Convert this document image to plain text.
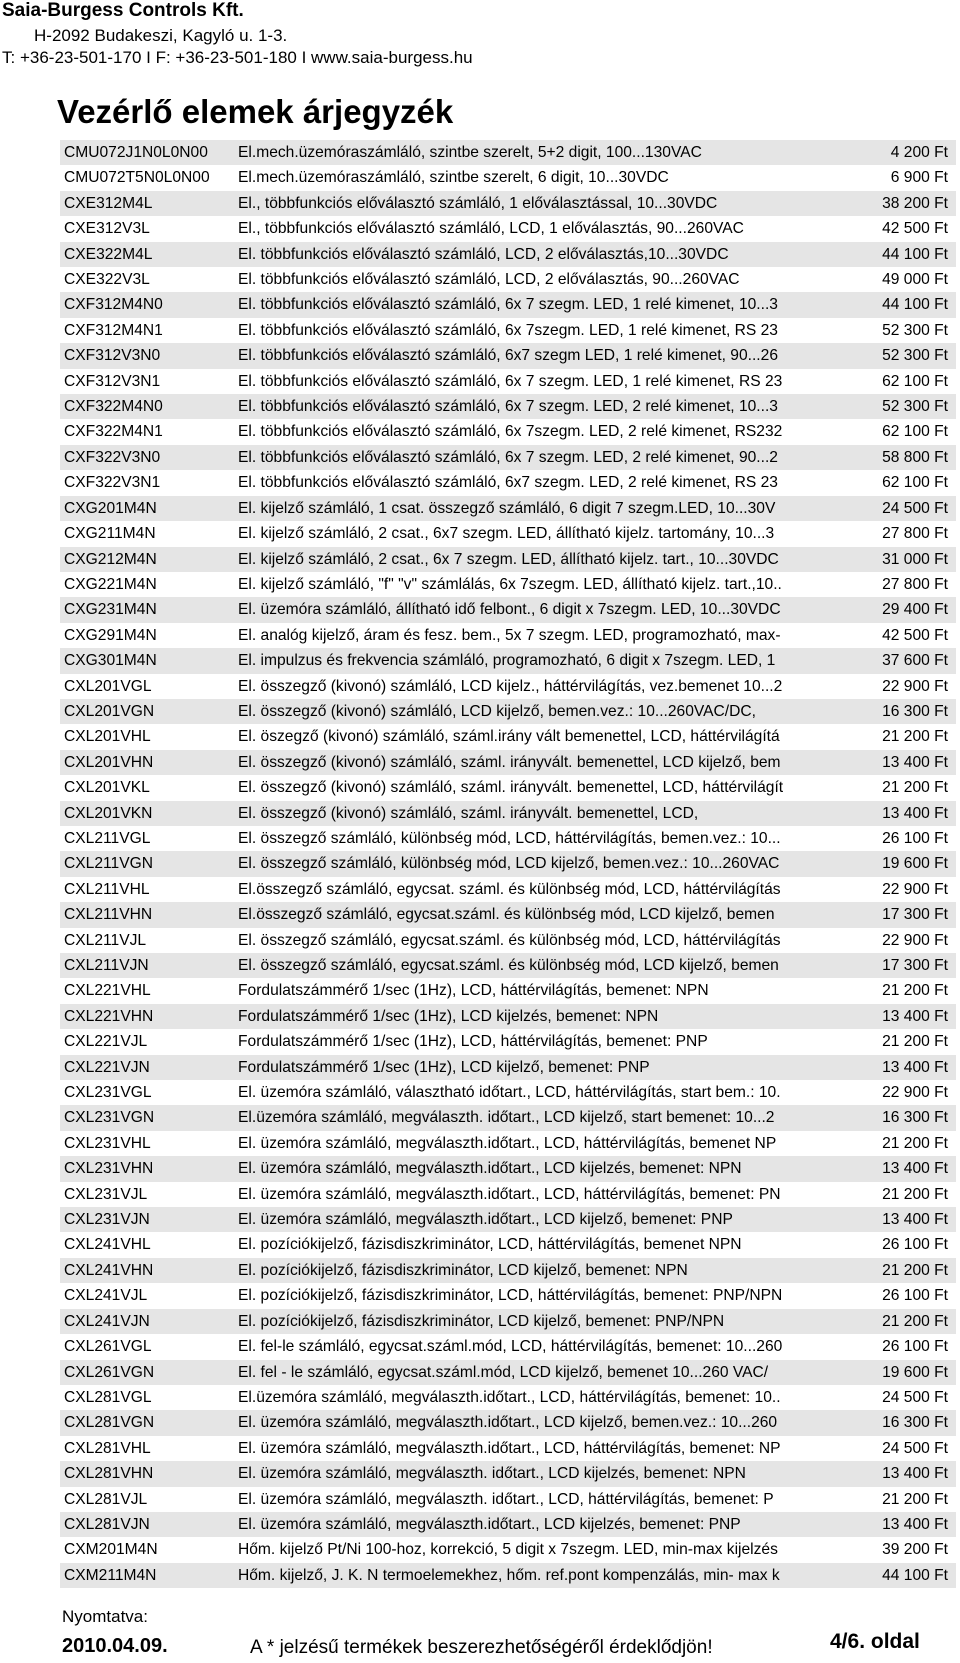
Saia-Burgess Controls Kft.
H-2092 Budakeszi, Kagyló u. 1-3.
T: +36-23-501-170 I F: +36-23-501-180 I www.saia-burgess.hu
Vezérlő elemek árjegyzék
CMU072J1N0L0N00	El.mech.üzemóraszámláló, szintbe szerelt, 5+2 digit, 100...130VAC	4 200 Ft
CMU072T5N0L0N00	El.mech.üzemóraszámláló, szintbe szerelt, 6 digit, 10...30VDC	6 900 Ft
CXE312M4L	El., többfunkciós előválasztó számláló, 1 előválasztással, 10...30VDC	38 200 Ft
CXE312V3L	El., többfunkciós előválasztó számláló, LCD, 1 előválasztás, 90...260VAC	42 500 Ft
CXE322M4L	El. többfunkciós előválasztó számláló, LCD, 2 előválasztás,10...30VDC	44 100 Ft
CXE322V3L	El. többfunkciós előválasztó számláló, LCD, 2 előválasztás, 90...260VAC	49 000 Ft
CXF312M4N0	El. többfunkciós előválasztó számláló, 6x 7 szegm. LED, 1 relé kimenet, 10...3	44 100 Ft
CXF312M4N1	El. többfunkciós előválasztó számláló, 6x 7szegm. LED, 1 relé kimenet, RS 23	52 300 Ft
CXF312V3N0	El. többfunkciós előválasztó számláló, 6x7 szegm LED, 1 relé kimenet, 90...26	52 300 Ft
CXF312V3N1	El. többfunkciós előválasztó számláló, 6x 7 szegm. LED, 1 relé kimenet, RS 23	62 100 Ft
CXF322M4N0	El. többfunkciós előválasztó számláló, 6x 7 szegm. LED, 2 relé kimenet, 10...3	52 300 Ft
CXF322M4N1	El. többfunkciós előválasztó számláló, 6x 7szegm. LED, 2 relé kimenet, RS232	62 100 Ft
CXF322V3N0	El. többfunkciós előválasztó számláló, 6x 7 szegm. LED, 2 relé kimenet, 90...2	58 800 Ft
CXF322V3N1	El. többfunkciós előválasztó számláló, 6x7 szegm. LED, 2 relé kimenet, RS 23	62 100 Ft
CXG201M4N	El. kijelző számláló, 1 csat. összegző számláló, 6 digit 7 szegm.LED, 10...30V	24 500 Ft
CXG211M4N	El. kijelző számláló, 2 csat., 6x7 szegm. LED, állítható kijelz. tartomány, 10...3	27 800 Ft
CXG212M4N	El. kijelző számláló, 2 csat., 6x 7 szegm. LED, állítható kijelz. tart., 10...30VDC	31 000 Ft
CXG221M4N	El. kijelző számláló, "f" "v" számlálás, 6x 7szegm. LED, állítható kijelz. tart.,10..	27 800 Ft
CXG231M4N	El. üzemóra számláló, állítható idő felbont., 6 digit x 7szegm. LED, 10...30VDC	29 400 Ft
CXG291M4N	El. analóg kijelző, áram és fesz. bem., 5x 7 szegm. LED, programozható, max-	42 500 Ft
CXG301M4N	El. impulzus és frekvencia számláló, programozható, 6 digit x 7szegm. LED, 1	37 600 Ft
CXL201VGL	El. összegző (kivonó) számláló, LCD kijelz., háttérvilágítás, vez.bemenet 10...2	22 900 Ft
CXL201VGN	El. összegző (kivonó) számláló, LCD kijelző, bemen.vez.: 10...260VAC/DC,	16 300 Ft
CXL201VHL	El. öszegző (kivonó) számláló, száml.irány vált bemenettel, LCD, háttérvilágítá	21 200 Ft
CXL201VHN	El. összegző (kivonó) számláló, száml. irányvált. bemenettel, LCD kijelző, bem	13 400 Ft
CXL201VKL	El. összegző (kivonó) számláló, száml. irányvált. bemenettel, LCD, háttérvilágít	21 200 Ft
CXL201VKN	El. összegző (kivonó) számláló, száml. irányvált. bemenettel, LCD,	13 400 Ft
CXL211VGL	El. összegző számláló, különbség mód, LCD, háttérvilágítás, bemen.vez.: 10...	26 100 Ft
CXL211VGN	El. összegző számláló, különbség mód, LCD kijelző, bemen.vez.: 10...260VAC	19 600 Ft
CXL211VHL	El.összegző számláló, egycsat. száml. és különbség mód, LCD, háttérvilágítás	22 900 Ft
CXL211VHN	El.összegző számláló, egycsat.száml. és különbség mód, LCD kijelző, bemen	17 300 Ft
CXL211VJL	El. összegző számláló, egycsat.száml. és különbség mód, LCD, háttérvilágítás	22 900 Ft
CXL211VJN	El. összegző számláló, egycsat.száml. és különbség mód, LCD kijelző, bemen	17 300 Ft
CXL221VHL	Fordulatszámmérő 1/sec (1Hz), LCD, háttérvilágítás, bemenet: NPN	21 200 Ft
CXL221VHN	Fordulatszámmérő 1/sec (1Hz), LCD kijelzés, bemenet: NPN	13 400 Ft
CXL221VJL	Fordulatszámmérő 1/sec (1Hz), LCD, háttérvilágítás, bemenet: PNP	21 200 Ft
CXL221VJN	Fordulatszámmérő 1/sec (1Hz), LCD kijelző, bemenet: PNP	13 400 Ft
CXL231VGL	El. üzemóra számláló, választható időtart., LCD, háttérvilágítás, start bem.: 10.	22 900 Ft
CXL231VGN	El.üzemóra számláló, megválaszth. időtart., LCD kijelző, start bemenet: 10...2	16 300 Ft
CXL231VHL	El. üzemóra számláló, megválaszth.időtart., LCD, háttérvilágítás, bemenet NP	21 200 Ft
CXL231VHN	El. üzemóra számláló, megválaszth.időtart., LCD kijelzés, bemenet: NPN	13 400 Ft
CXL231VJL	El. üzemóra számláló, megválaszth.időtart., LCD, háttérvilágítás, bemenet: PN	21 200 Ft
CXL231VJN	El. üzemóra számláló, megválaszth.időtart., LCD kijelző, bemenet: PNP	13 400 Ft
CXL241VHL	El. pozíciókijelző, fázisdiszkriminátor, LCD, háttérvilágítás, bemenet NPN	26 100 Ft
CXL241VHN	El. pozíciókijelző, fázisdiszkriminátor, LCD kijelző, bemenet: NPN	21 200 Ft
CXL241VJL	El. pozíciókijelző, fázisdiszkriminátor, LCD, háttérvilágítás, bemenet: PNP/NPN	26 100 Ft
CXL241VJN	El. pozíciókijelző, fázisdiszkriminátor, LCD kijelző, bemenet: PNP/NPN	21 200 Ft
CXL261VGL	El. fel-le számláló, egycsat.száml.mód, LCD, háttérvilágítás, bemenet: 10...260	26 100 Ft
CXL261VGN	El. fel - le számláló, egycsat.száml.mód, LCD kijelző, bemenet 10...260 VAC/	19 600 Ft
CXL281VGL	El.üzemóra számláló, megválaszth.időtart., LCD, háttérvilágítás, bemenet: 10..	24 500 Ft
CXL281VGN	El. üzemóra számláló, megválaszth.időtart., LCD kijelző, bemen.vez.: 10...260	16 300 Ft
CXL281VHL	El. üzemóra számláló, megválaszth.időtart., LCD, háttérvilágítás, bemenet: NP	24 500 Ft
CXL281VHN	El. üzemóra számláló, megválaszth. időtart., LCD kijelzés, bemenet: NPN	13 400 Ft
CXL281VJL	El. üzemóra számláló, megválaszth. időtart., LCD, háttérvilágítás, bemenet: P	21 200 Ft
CXL281VJN	El. üzemóra számláló, megválaszth.időtart., LCD kijelzés, bemenet: PNP	13 400 Ft
CXM201M4N	Hőm. kijelző Pt/Ni 100-hoz, korrekció, 5 digit x 7szegm. LED, min-max kijelzés	39 200 Ft
CXM211M4N	Hőm. kijelző, J. K. N termoelemekhez, hőm. ref.pont kompenzálás, min- max k	44 100 Ft
Nyomtatva:
2010.04.09.	A * jelzésű termékek beszerezhetőségéről érdeklődjön!	4/6. oldal
